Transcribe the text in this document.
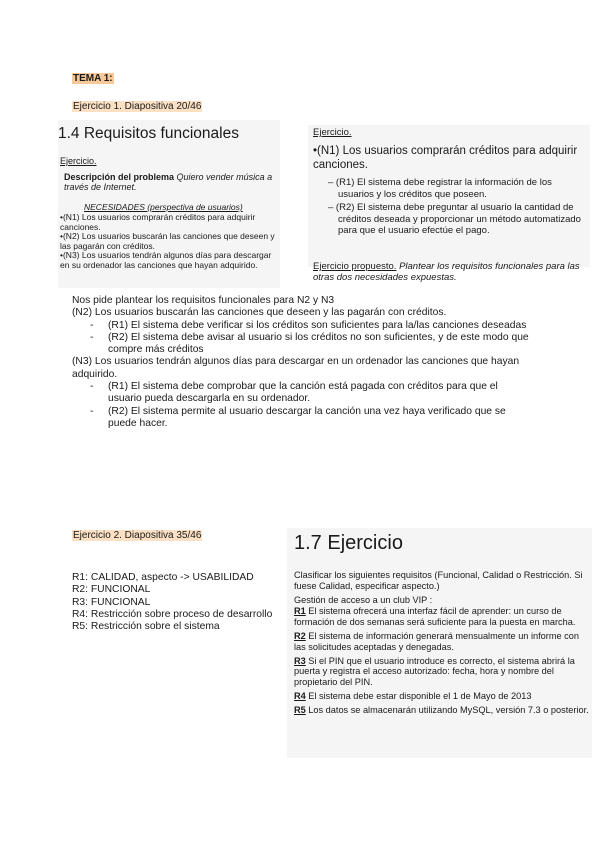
TEMA 1:
Ejercicio 1. Diapositiva 20/46
1.4 Requisitos funcionales
Ejercicio.
Descripción del problema Quiero vender música a través de Internet.
NECESIDADES (perspectiva de usuarios)
•(N1) Los usuarios comprarán créditos para adquirir canciones.
•(N2) Los usuarios buscarán las canciones que deseen y las pagarán con créditos.
•(N3) Los usuarios tendrán algunos días para descargar en su ordenador las canciones que hayan adquirido.
Ejercicio.
•(N1) Los usuarios comprarán créditos para adquirir canciones.
– (R1) El sistema debe registrar la información de los usuarios y los créditos que poseen.
– (R2) El sistema debe preguntar al usuario la cantidad de créditos deseada y proporcionar un método automatizado para que el usuario efectúe el pago.
Ejercicio propuesto. Plantear los requisitos funcionales para las otras dos necesidades expuestas.

Nos pide plantear los requisitos funcionales para N2 y N3

(N2) Los usuarios buscarán las canciones que deseen y las pagarán con créditos.

-	(R1) El sistema debe verificar si los créditos son suficientes para la/las canciones deseadas
-	(R2) El sistema debe avisar al usuario si los créditos no son suficientes, y de este modo que compre más créditos

(N3) Los usuarios tendrán algunos días para descargar en un ordenador las canciones que hayan adquirido.

-	(R1) El sistema debe comprobar que la canción está pagada con créditos para que el usuario pueda descargarla en su ordenador.
-	(R2) El sistema permite al usuario descargar la canción una vez haya verificado que se puede hacer.
Ejercicio 2. Diapositiva 35/46
R1: CALIDAD, aspecto -> USABILIDAD
R2: FUNCIONAL
R3: FUNCIONAL
R4: Restricción sobre proceso de desarrollo
R5: Restricción sobre el sistema
1.7 Ejercicio

Clasificar los siguientes requisitos (Funcional, Calidad o Restricción. Si fuese Calidad, especificar aspecto.)

Gestión de acceso a un club VIP :

R1 El sistema ofrecerá una interfaz fácil de aprender: un curso de formación de dos semanas será suficiente para la puesta en marcha.

R2 El sistema de información generará mensualmente un informe con las solicitudes aceptadas y denegadas.

R3 Si el PIN que el usuario introduce es correcto, el sistema abrirá la puerta y registra el acceso autorizado: fecha, hora y nombre del propietario del PIN.

R4 El sistema debe estar disponible el 1 de Mayo de 2013

R5 Los datos se almacenarán utilizando MySQL, versión 7.3 o posterior.
